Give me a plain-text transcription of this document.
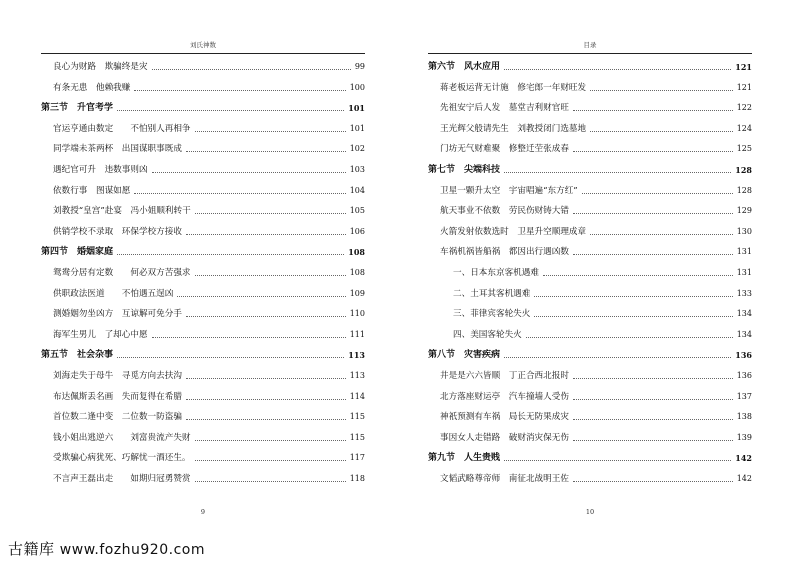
刘氏神数
良心为财路　欺骗终是灾	99
有条无患　他赖我赚	100
第三节　升官考学	101
官运亨通由数定　　不怕别人再相争	101
同学端未茶两杯　出国谋职事既成	102
遇纪官可升　违数事则凶	103
依数行事　图谋如愿	104
刘教授“皇宫”赴宴　冯小姐顺利转干	105
供销学校不录取　环保学校方接收	106
第四节　婚姻家庭	108
鸳鸯分居有定数　　何必双方苦强求	108
供职政法医道　　不怕遇五逞凶	109
测婚姻勿坐凶方　互谅解可免分手	110
海军生男儿　了却心中愿	111
第五节　社会杂事	113
刘海走失于母牛　寻觅方向去扶沟	113
布达佩斯丢名画　失而复得在希腊	114
首位数二逢中变　二位数一防盗骗	115
钱小姐出逃逆六　　刘富贵流产失财	115
受欺骗心病犹死、巧解忧一酒还生。	117
不言声王磊出走　　如期归冠勇赞赏	118
9
目录
第六节　风水应用	121
蒋老板运背无计施　修宅郎一年财旺发	121
先祖安宁后人发　墓堂吉利财官旺	122
王光辉父般请先生　刘教授闭门选墓地	124
门坊无气财难聚　修整迁茔张成春	125
第七节　尖端科技	128
卫星一颗升太空　宇宙唱遍“东方红”	128
航天事业不依数　劳民伤财铸大错	129
火箭发射依数选时　卫星升空顺理成章	130
车祸机祸皆船祸　都因出行遇凶数	131
一、日本东京客机遇难	131
二、土耳其客机遇难	133
三、菲律宾客轮失火	134
四、美国客轮失火	134
第八节　灾害疾病	136
井是是六六皆顺　丁正合西北报时	136
北方落座财运亭　汽车撞墙人受伤	137
神祇预测有车祸　局长无防果成灾	138
事因女人走错路　破财消灾保无伤	139
第九节　人生贵贱	142
文韬武略尊帝师　南征北战明王佐	142
10
古籍库 www.fozhu920.com
